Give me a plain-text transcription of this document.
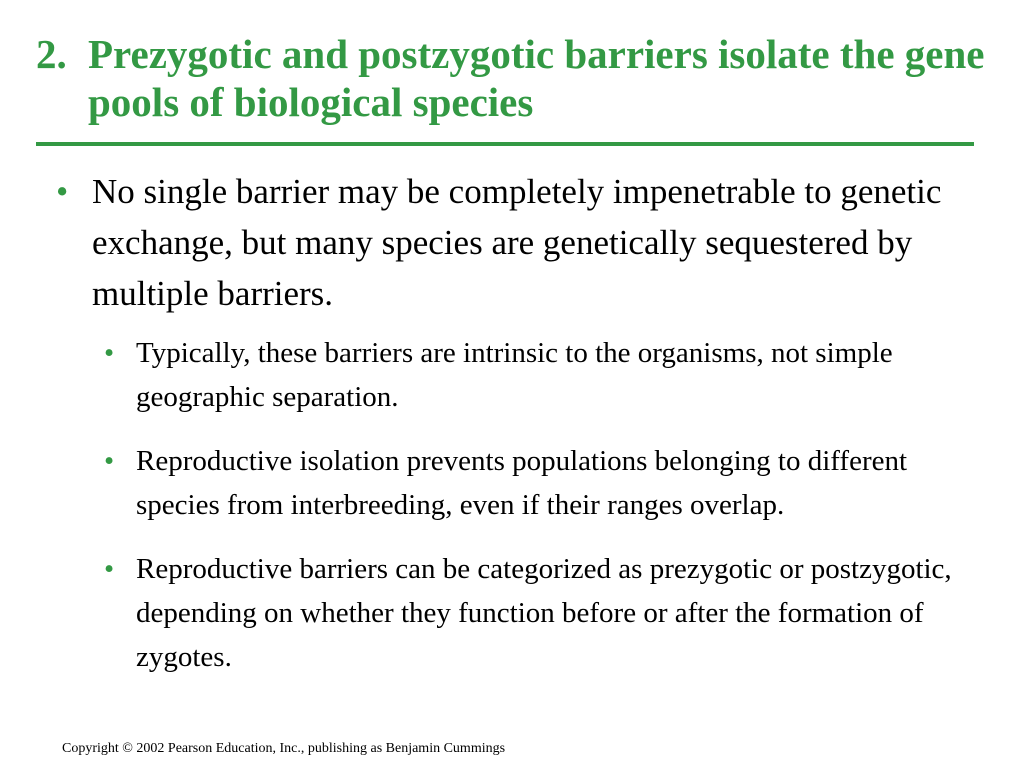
2. Prezygotic and postzygotic barriers isolate the gene pools of biological species
• No single barrier may be completely impenetrable to genetic exchange, but many species are genetically sequestered by multiple barriers.
• Typically, these barriers are intrinsic to the organisms, not simple geographic separation.
• Reproductive isolation prevents populations belonging to different species from interbreeding, even if their ranges overlap.
• Reproductive barriers can be categorized as prezygotic or postzygotic, depending on whether they function before or after the formation of zygotes.
Copyright © 2002 Pearson Education, Inc., publishing as Benjamin Cummings
